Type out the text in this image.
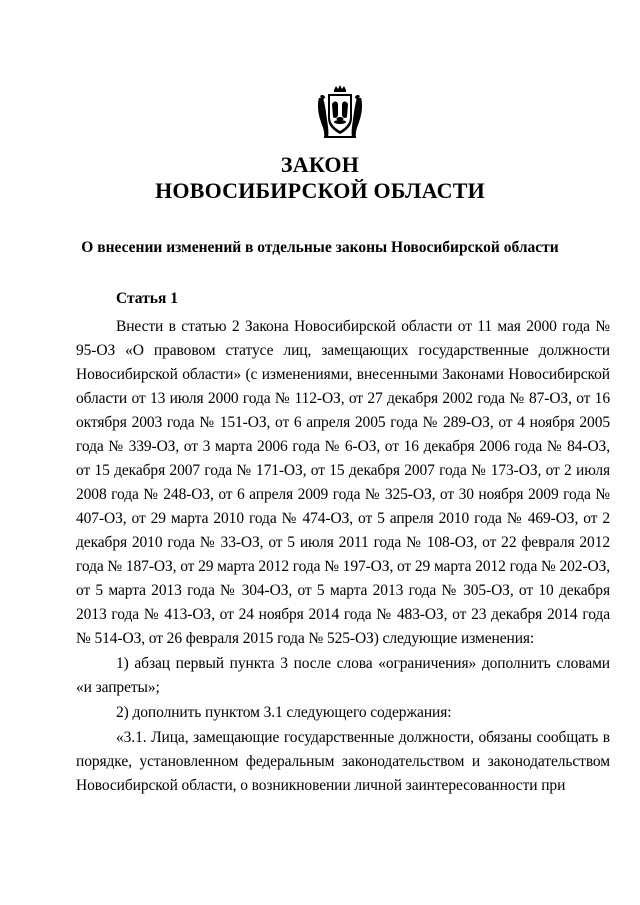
ЗАКОН
НОВОСИБИРСКОЙ ОБЛАСТИ
О внесении изменений в отдельные законы Новосибирской области
Статья 1

Внести в статью 2 Закона Новосибирской области от 11 мая 2000 года № 95-ОЗ «О правовом статусе лиц, замещающих государственные должности Новосибирской области» (с изменениями, внесенными Законами Новосибирской области от 13 июля 2000 года № 112-ОЗ, от 27 декабря 2002 года № 87-ОЗ, от 16 октября 2003 года № 151-ОЗ, от 6 апреля 2005 года № 289-ОЗ, от 4 ноября 2005 года № 339-ОЗ, от 3 марта 2006 года № 6-ОЗ, от 16 декабря 2006 года № 84-ОЗ, от 15 декабря 2007 года № 171-ОЗ, от 15 декабря 2007 года № 173-ОЗ, от 2 июля 2008 года № 248-ОЗ, от 6 апреля 2009 года № 325-ОЗ, от 30 ноября 2009 года № 407-ОЗ, от 29 марта 2010 года № 474-ОЗ, от 5 апреля 2010 года № 469-ОЗ, от 2 декабря 2010 года № 33-ОЗ, от 5 июля 2011 года № 108-ОЗ, от 22 февраля 2012 года № 187-ОЗ, от 29 марта 2012 года № 197-ОЗ, от 29 марта 2012 года № 202-ОЗ, от 5 марта 2013 года № 304-ОЗ, от 5 марта 2013 года № 305-ОЗ, от 10 декабря 2013 года № 413-ОЗ, от 24 ноября 2014 года № 483-ОЗ, от 23 декабря 2014 года № 514-ОЗ, от 26 февраля 2015 года № 525-ОЗ) следующие изменения:

1) абзац первый пункта 3 после слова «ограничения» дополнить словами «и запреты»;

2) дополнить пунктом 3.1 следующего содержания:

«3.1. Лица, замещающие государственные должности, обязаны сообщать в порядке, установленном федеральным законодательством и законодательством Новосибирской области, о возникновении личной заинтересованности при
